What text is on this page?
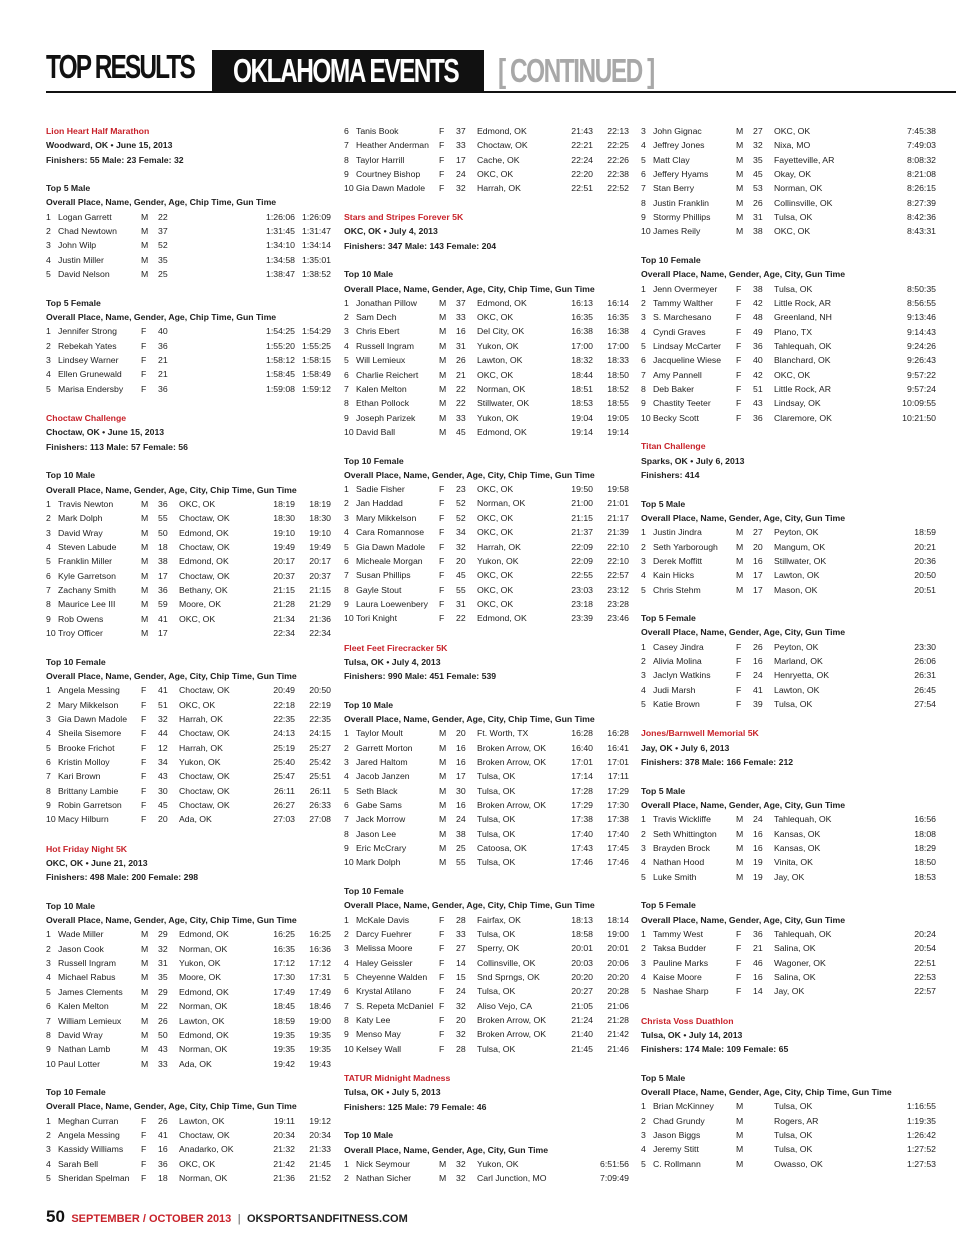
TOP RESULTS OKLAHOMA EVENTS [ CONTINUED ]
Lion Heart Half Marathon
Woodward, OK • June 15, 2013
Finishers: 55 Male: 23 Female: 32
Top 5 Male
Overall Place, Name, Gender, Age, Chip Time, Gun Time
1 Logan Garrett	M 22	1:26:06 1:26:09
2 Chad Newtown	M 37	1:31:45 1:31:47
3 John Wilp	M 52	1:34:10 1:34:14
4 Justin Miller	M 35	1:34:58 1:35:01
5 David Nelson	M 25	1:38:47 1:38:52
Top 5 Female
Overall Place, Name, Gender, Age, Chip Time, Gun Time
1 Jennifer Strong	F 40	1:54:25 1:54:29
2 Rebekah Yates	F 36	1:55:20 1:55:25
3 Lindsey Warner	F 21	1:58:12 1:58:15
4 Ellen Grunewald F 21	1:58:45 1:58:49
5 Marisa Endersby F 36	1:59:08 1:59:12
Choctaw Challenge
Choctaw, OK • June 15, 2013
Finishers: 113 Male: 57 Female: 56
Top 10 Male
Overall Place, Name, Gender, Age, City, Chip Time, Gun Time
1 Travis Newton	M 36 OKC, OK	18:19 18:19
2 Mark Dolph	M 55 Choctaw, OK	18:30 18:30
3 David Wray	M 50 Edmond, OK	19:10 19:10
4 Steven Labude	M 18 Choctaw, OK	19:49 19:49
5 Franklin Miller	M 38 Edmond, OK	20:17 20:17
6 Kyle Garretson	M 17 Choctaw, OK	20:37 20:37
7 Zachany Smith	M 36 Bethany, OK	21:15 21:15
8 Maurice Lee III	M 59 Moore, OK	21:28 21:29
9 Rob Owens	M 41 OKC, OK	21:34 21:36
10 Troy Officer	M 17	22:34 22:34
Top 10 Female
Overall Place, Name, Gender, Age, City, Chip Time, Gun Time
1 Angela Messing F 41 Choctaw, OK	20:49 20:50
2 Mary Mikkelson	F 51 OKC, OK	22:18 22:19
3 Gia Dawn Madole F 32 Harrah, OK	22:35 22:35
4 Sheila Sisemore F 44 Choctaw, OK	24:13 24:15
5 Brooke Frichot	F 12 Harrah, OK	25:19 25:27
6 Kristin Molloy	F 34 Yukon, OK	25:40 25:42
7 Kari Brown	F 43 Choctaw, OK	25:47 25:51
8 Brittany Lambie	F 30 Choctaw, OK	26:11 26:11
9 Robin Garretson F 45 Choctaw, OK	26:27 26:33
10 Macy Hilburn	F 20 Ada, OK	27:03 27:08
Hot Friday Night 5K
OKC, OK • June 21, 2013
Finishers: 498 Male: 200 Female: 298
Top 10 Male
Overall Place, Name, Gender, Age, City, Chip Time, Gun Time
1 Wade Miller	M 29 Edmond, OK	16:25 16:25
2 Jason Cook	M 32 Norman, OK	16:35 16:36
3 Russell Ingram	M 31 Yukon, OK	17:12 17:12
4 Michael Rabus	M 35 Moore, OK	17:30 17:31
5 James Clements M 29 Edmond, OK	17:49 17:49
6 Kalen Melton	M 22 Norman, OK	18:45 18:46
7 William Lemieux M 26 Lawton, OK	18:59 19:00
8 David Wray	M 50 Edmond, OK	19:35 19:35
9 Nathan Lamb	M 43 Norman, OK	19:35 19:35
10 Paul Lotter	M 33 Ada, OK	19:42 19:43
Top 10 Female
Overall Place, Name, Gender, Age, City, Chip Time, Gun Time
1 Meghan Curran	F 26 Lawton, OK	19:11 19:12
2 Angela Messing F 41 Choctaw, OK	20:34 20:34
3 Kassidy Williams F 16 Anadarko, OK	21:32 21:33
4 Sarah Bell	F 36 OKC, OK	21:42 21:45
5 Sheridan Spelman F 18 Norman, OK	21:36 21:52
6 Tanis Book	F 37 Edmond, OK	21:43 22:13
7 Heather Anderman F 33 Choctaw, OK	22:21 22:25
8 Taylor Harrill	F 17 Cache, OK	22:24 22:26
9 Courtney Bishop F 24 OKC, OK	22:20 22:38
10 Gia Dawn Madole F 32 Harrah, OK	22:51 22:52
Stars and Stripes Forever 5K
OKC, OK • July 4, 2013
Finishers: 347 Male: 143 Female: 204
Top 10 Male
Overall Place, Name, Gender, Age, City, Chip Time, Gun Time
1 Jonathan Pillow	M 37 Edmond, OK	16:13 16:14
2 Sam Dech	M 33 OKC, OK	16:35 16:35
3 Chris Ebert	M 16 Del City, OK	16:38 16:38
4 Russell Ingram	M 31 Yukon, OK	17:00 17:00
5 Will Lemieux	M 26 Lawton, OK	18:32 18:33
6 Charlie Reichert M 21 OKC, OK	18:44 18:50
7 Kalen Melton	M 22 Norman, OK	18:51 18:52
8 Ethan Pollock	M 22 Stillwater, OK	18:53 18:55
9 Joseph Parizek	M 33 Yukon, OK	19:04 19:05
10 David Ball	M 45 Edmond, OK	19:14 19:14
Top 10 Female
Overall Place, Name, Gender, Age, City, Chip Time, Gun Time
1 Sadie Fisher	F 23 OKC, OK	19:50 19:58
2 Jan Haddad	F 52 Norman, OK	21:00 21:01
3 Mary Mikkelson	F 52 OKC, OK	21:15 21:17
4 Cara Romannose F 34 OKC, OK	21:37 21:39
5 Gia Dawn Madole F 32 Harrah, OK	22:09 22:10
6 Micheale Morgan F 20 Yukon, OK	22:09 22:10
7 Susan Phillips	F 45 OKC, OK	22:55 22:57
8 Gayle Stout	F 55 OKC, OK	23:03 23:12
9 Laura Loewenbery F 31 OKC, OK	23:18 23:28
10 Tori Knight	F 22 Edmond, OK	23:39 23:46
Fleet Feet Firecracker 5K
Tulsa, OK • July 4, 2013
Finishers: 990 Male: 451 Female: 539
Top 10 Male
Overall Place, Name, Gender, Age, City, Chip Time, Gun Time
1 Taylor Moult	M 20 Ft. Worth, TX	16:28 16:28
2 Garrett Morton	M 16 Broken Arrow, OK	16:40 16:41
3 Jared Haltom	M 16 Broken Arrow, OK	17:01 17:01
4 Jacob Janzen	M 17 Tulsa, OK	17:14 17:11
5 Seth Black	M 30 Tulsa, OK	17:28 17:29
6 Gabe Sams	M 16 Broken Arrow, OK	17:29 17:30
7 Jack Morrow	M 24 Tulsa, OK	17:38 17:38
8 Jason Lee	M 38 Tulsa, OK	17:40 17:40
9 Eric McCrary	M 25 Catoosa, OK	17:43 17:45
10 Mark Dolph	M 55 Tulsa, OK	17:46 17:46
Top 10 Female
Overall Place, Name, Gender, Age, City, Chip Time, Gun Time
1 McKale Davis	F 28 Fairfax, OK	18:13 18:14
2 Darcy Fuehrer	F 33 Tulsa, OK	18:58 19:00
3 Melissa Moore	F 27 Sperry, OK	20:01 20:01
4 Haley Geissler	F 14 Collinsville, OK	20:03 20:06
5 Cheyenne Walden F 15 Snd Sprngs, OK	20:20 20:20
6 Krystal Atilano	F 24 Tulsa, OK	20:27 20:28
7 S. Repeta McDaniel F 32 Aliso Vejo, CA	21:05 21:06
8 Katy Lee	F 20 Broken Arrow, OK	21:24 21:28
9 Menso May	F 32 Broken Arrow, OK	21:40 21:42
10 Kelsey Wall	F 28 Tulsa, OK	21:45 21:46
TATUR Midnight Madness
Tulsa, OK • July 5, 2013
Finishers: 125 Male: 79 Female: 46
Top 10 Male
Overall Place, Name, Gender, Age, City, Gun Time
1 Nick Seymour	M 32 Yukon, OK	6:51:56
2 Nathan Sicher	M 32 Carl Junction, MO	7:09:49
3 John Gignac	M 27 OKC, OK	7:45:38
4 Jeffrey Jones	M 32 Nixa, MO	7:49:03
5 Matt Clay	M 35 Fayetteville, AR	8:08:32
6 Jeffery Hyams	M 45 Okay, OK	8:21:08
7 Stan Berry	M 53 Norman, OK	8:26:15
8 Justin Franklin	M 26 Collinsville, OK	8:27:39
9 Stormy Phillips	M 31 Tulsa, OK	8:42:36
10 James Reily	M 38 OKC, OK	8:43:31
Top 10 Female
Overall Place, Name, Gender, Age, City, Gun Time
1 Jenn Overmeyer F 38 Tulsa, OK	8:50:35
2 Tammy Walther	F 42 Little Rock, AR	8:56:55
3 S. Marchesano	F 48 Greenland, NH	9:13:46
4 Cyndi Graves	F 49 Plano, TX	9:14:43
5 Lindsay McCarter F 36 Tahlequah, OK	9:24:26
6 Jacqueline Wiese F 40 Blanchard, OK	9:26:43
7 Amy Pannell	F 42 OKC, OK	9:57:22
8 Deb Baker	F 51 Little Rock, AR	9:57:24
9 Chastity Teeter	F 43 Lindsay, OK	10:09:55
10 Becky Scott	F 36 Claremore, OK	10:21:50
Titan Challenge
Sparks, OK • July 6, 2013
Finishers: 414
Top 5 Male
Overall Place, Name, Gender, Age, City, Gun Time
1 Justin Jindra	M 27 Peyton, OK	18:59
2 Seth Yarborough M 20 Mangum, OK	20:21
3 Derek Moffitt	M 16 Stillwater, OK	20:36
4 Kain Hicks	M 17 Lawton, OK	20:50
5 Chris Stehm	M 17 Mason, OK	20:51
Top 5 Female
Overall Place, Name, Gender, Age, City, Gun Time
1 Casey Jindra	F 26 Peyton, OK	23:30
2 Alivia Molina	F 16 Marland, OK	26:06
3 Jaclyn Watkins	F 24 Henryetta, OK	26:31
4 Judi Marsh	F 41 Lawton, OK	26:45
5 Katie Brown	F 39 Tulsa, OK	27:54
Jones/Barnwell Memorial 5K
Jay, OK • July 6, 2013
Finishers: 378 Male: 166 Female: 212
Top 5 Male
Overall Place, Name, Gender, Age, City, Gun Time
1 Travis Wickliffe	M 24 Tahlequah, OK	16:56
2 Seth Whittington M 16 Kansas, OK	18:08
3 Brayden Brock	M 16 Kansas, OK	18:29
4 Nathan Hood	M 19 Vinita, OK	18:50
5 Luke Smith	M 19 Jay, OK	18:53
Top 5 Female
Overall Place, Name, Gender, Age, City, Gun Time
1 Tammy West	F 36 Tahlequah, OK	20:24
2 Taksa Budder	F 21 Salina, OK	20:54
3 Pauline Marks	F 46 Wagoner, OK	22:51
4 Kaise Moore	F 16 Salina, OK	22:53
5 Nashae Sharp	F 14 Jay, OK	22:57
Christa Voss Duathlon
Tulsa, OK • July 14, 2013
Finishers: 174 Male: 109 Female: 65
Top 5 Male
Overall Place, Name, Gender, Age, City, Chip Time, Gun Time
1 Brian McKinney	M	Tulsa, OK	1:16:55
2 Chad Grundy	M	Rogers, AR	1:19:35
3 Jason Biggs	M	Tulsa, OK	1:26:42
4 Jeremy Stitt	M	Tulsa, OK	1:27:52
5 C. Rollmann	M	Owasso, OK	1:27:53
50 SEPTEMBER / OCTOBER 2013 | OKSPORTSANDFITNESS.COM
